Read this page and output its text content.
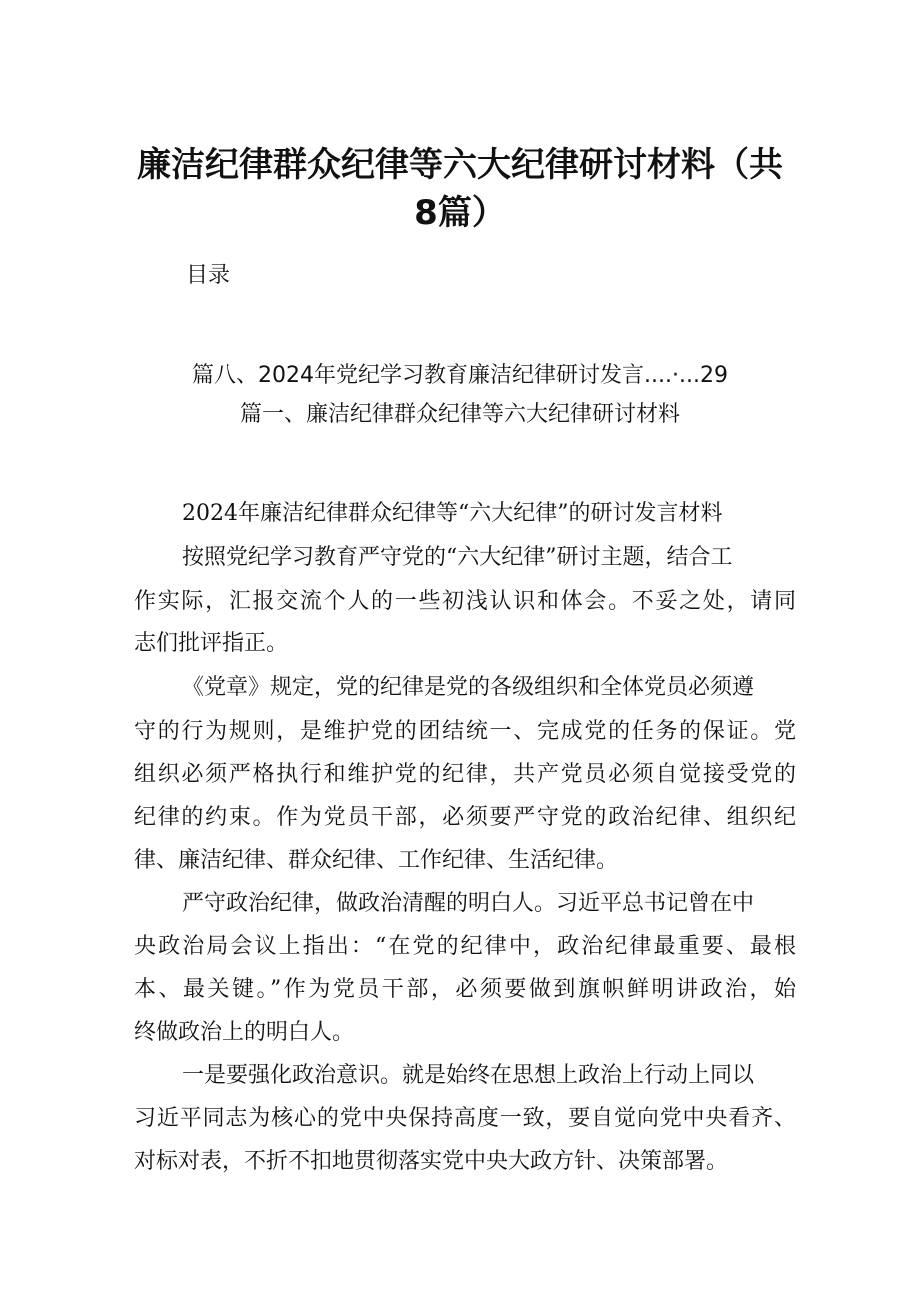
廉洁纪律群众纪律等六大纪律研讨材料（共
8篇）
目录
篇八、2024年党纪学习教育廉洁纪律研讨发言....·...29
篇一、廉洁纪律群众纪律等六大纪律研讨材料
2024年廉洁纪律群众纪律等“六大纪律”的研讨发言材料
按照党纪学习教育严守党的“六大纪律”研讨主题，结合工
作实际，汇报交流个人的一些初浅认识和体会。不妥之处，请同
志们批评指正。
《党章》规定，党的纪律是党的各级组织和全体党员必须遵
守的行为规则，是维护党的团结统一、完成党的任务的保证。党
组织必须严格执行和维护党的纪律，共产党员必须自觉接受党的
纪律的约束。作为党员干部，必须要严守党的政治纪律、组织纪
律、廉洁纪律、群众纪律、工作纪律、生活纪律。
严守政治纪律，做政治清醒的明白人。习近平总书记曾在中
央政治局会议上指出：“在党的纪律中，政治纪律最重要、最根
本、最关键。”作为党员干部，必须要做到旗帜鲜明讲政治，始
终做政治上的明白人。
一是要强化政治意识。就是始终在思想上政治上行动上同以
习近平同志为核心的党中央保持高度一致，要自觉向党中央看齐、
对标对表，不折不扣地贯彻落实党中央大政方针、决策部署。
